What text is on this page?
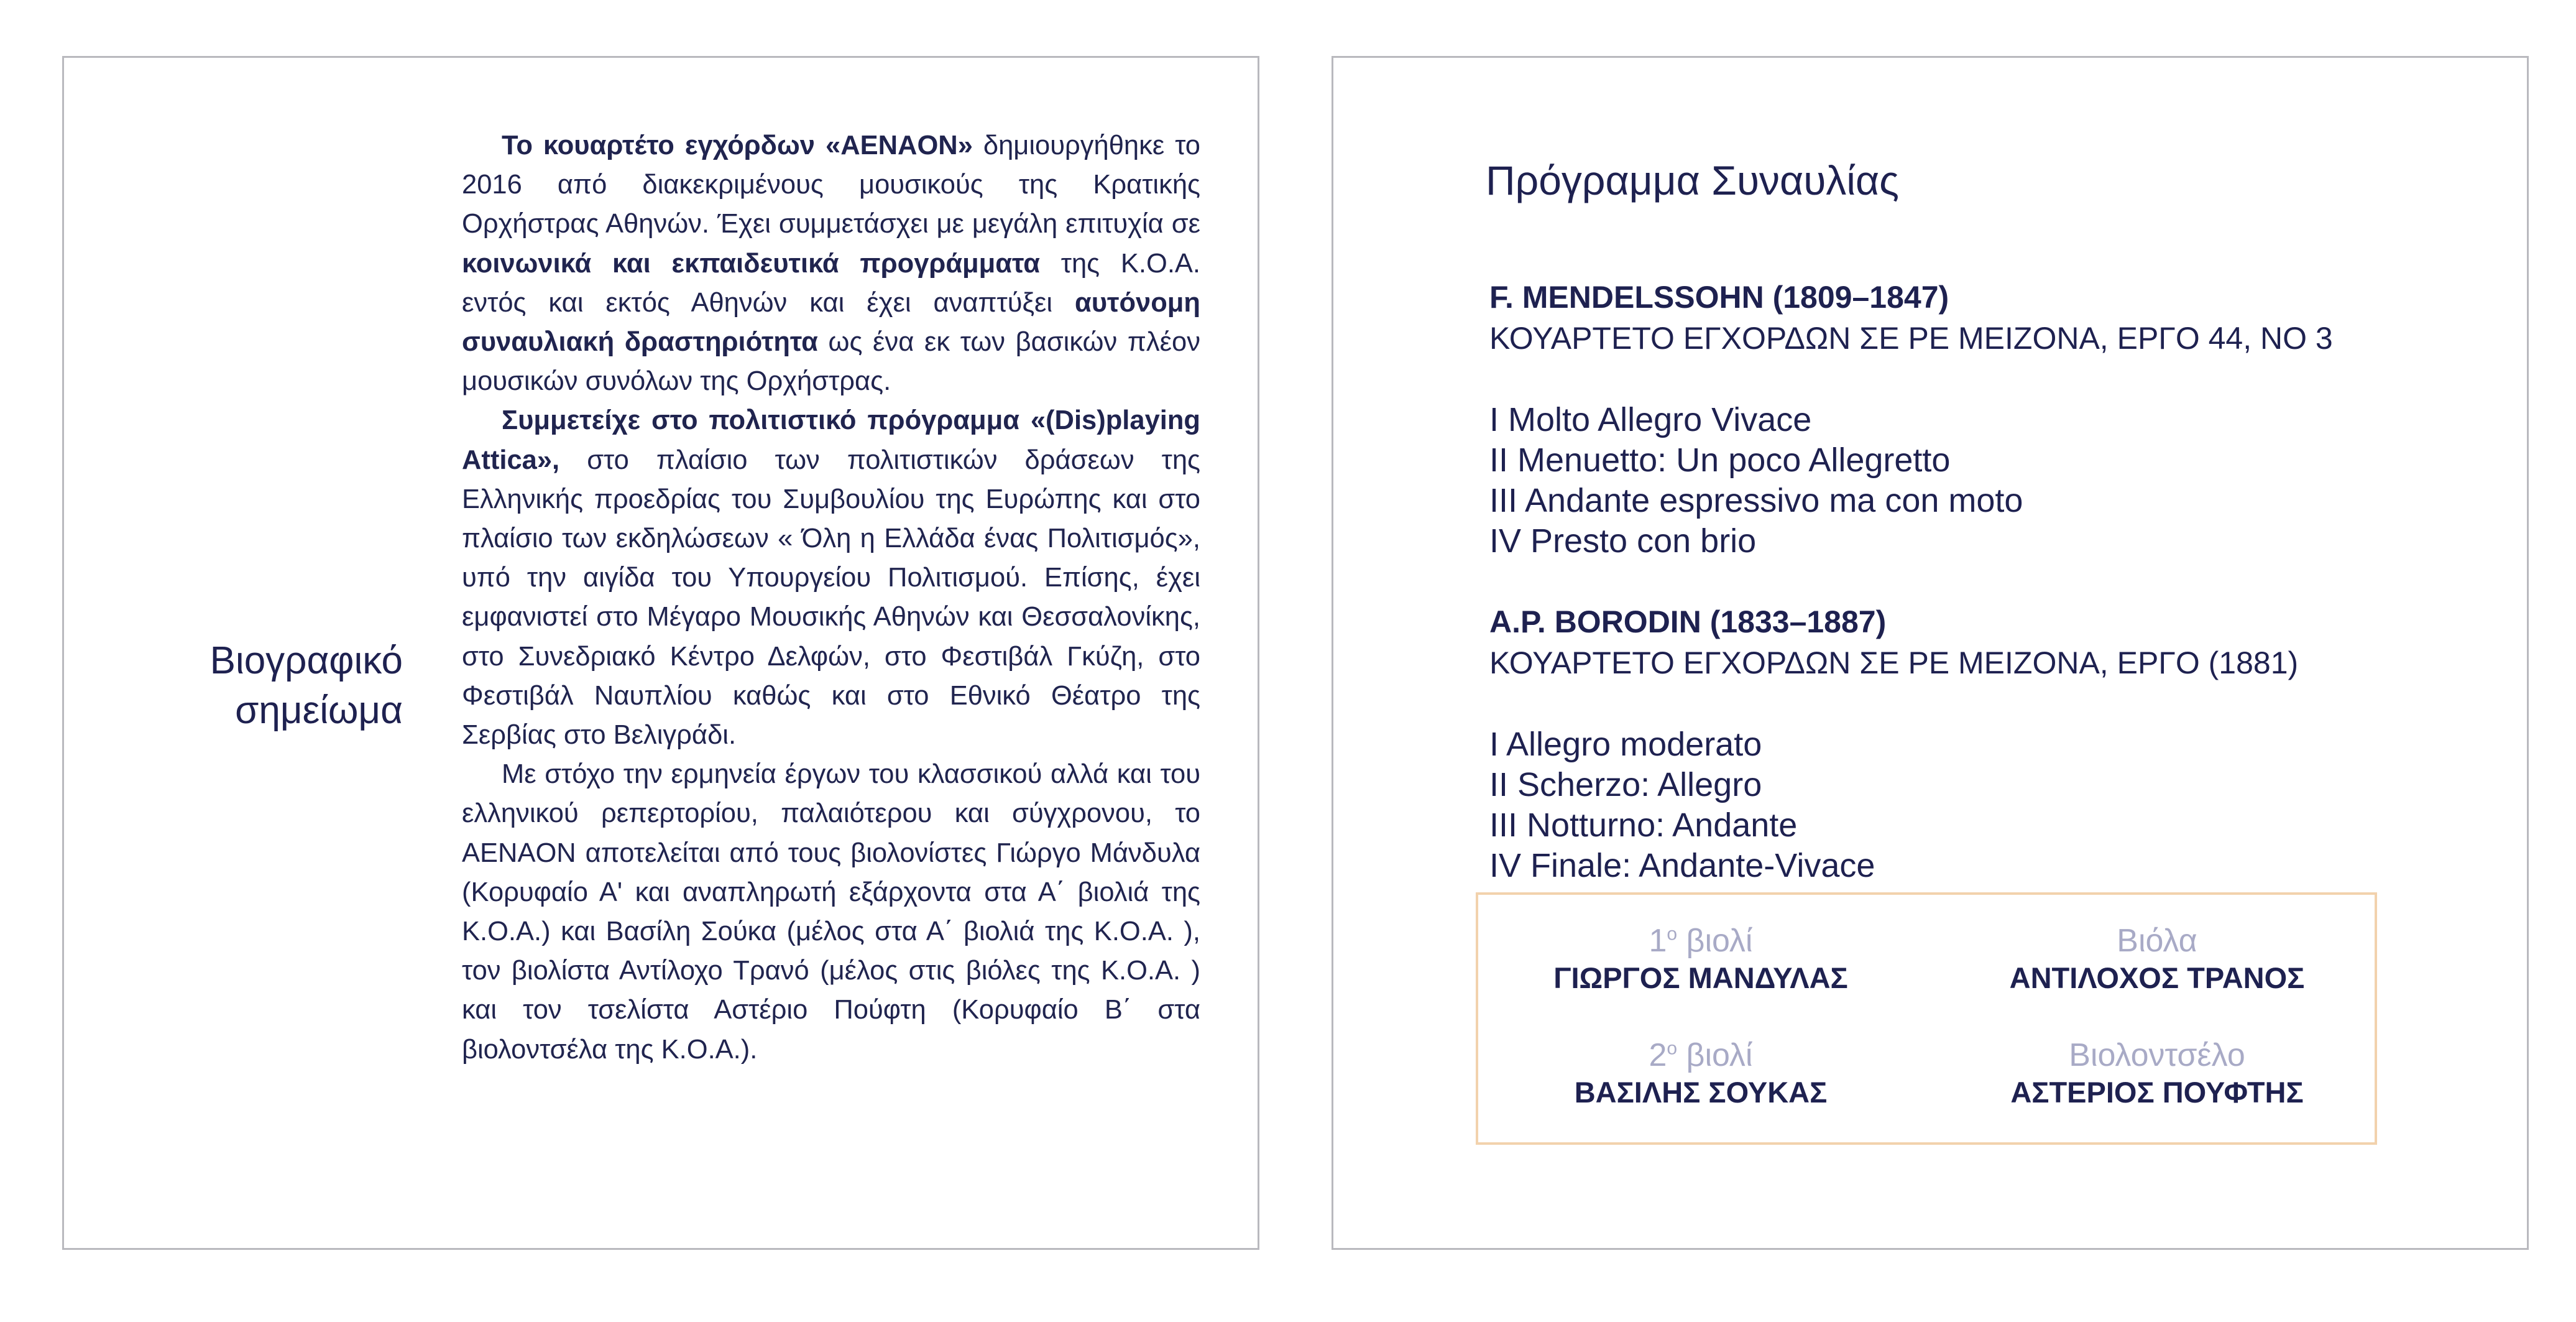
Βιογραφικό
σημείωμα

Το κουαρτέτο εγχόρδων «AENAON» δημιουργήθηκε το 2016 από διακεκριμένους μουσικούς της Κρατικής Ορχήστρας Αθηνών. Έχει συμμετάσχει με μεγάλη επιτυχία σε κοινωνικά και εκπαιδευτικά προγράμματα της Κ.Ο.Α. εντός και εκτός Αθηνών και έχει αναπτύξει αυτόνομη συναυλιακή δραστηριότητα ως ένα εκ των βασικών πλέον μουσικών συνόλων της Ορχήστρας.

Συμμετείχε στο πολιτιστικό πρόγραμμα «(Dis)playing Attica», στο πλαίσιο των πολιτιστικών δράσεων της Ελληνικής προεδρίας του Συμβουλίου της Ευρώπης και στο πλαίσιο των εκδηλώσεων « Όλη η Ελλάδα ένας Πολιτισμός», υπό την αιγίδα του Υπουργείου Πολιτισμού. Επίσης, έχει εμφανιστεί στο Μέγαρο Μουσικής Αθηνών και Θεσσαλονίκης, στο Συνεδριακό Κέντρο Δελφών, στο Φεστιβάλ Γκύζη, στο Φεστιβάλ Ναυπλίου καθώς και στο Εθνικό Θέατρο της Σερβίας στο Βελιγράδι.

Με στόχο την ερμηνεία έργων του κλασσικού αλλά και του ελληνικού ρεπερτορίου, παλαιότερου και σύγχρονου, το AENAON αποτελείται από τους βιολονίστες Γιώργο Μάνδυλα (Κορυφαίο Α' και αναπληρωτή εξάρχοντα στα Α΄ βιολιά της Κ.Ο.Α.) και Βασίλη Σούκα (μέλος στα Α΄ βιολιά της Κ.Ο.Α. ), τον βιολίστα Αντίλοχο Τρανό (μέλος στις βιόλες της Κ.Ο.Α. ) και τον τσελίστα Αστέριο Πούφτη (Κορυφαίο Β΄ στα βιολοντσέλα της Κ.Ο.Α.).

Πρόγραμμα Συναυλίας
F. MENDELSSOHN (1809–1847)
ΚΟΥΑΡΤΕΤΟ ΕΓΧΟΡΔΩΝ ΣΕ ΡΕ ΜΕΙΖΟΝΑ, ΕΡΓΟ 44, ΝΟ 3
I Molto Allegro Vivace
II Menuetto: Un poco Allegretto
III Andante espressivo ma con moto
IV Presto con brio
A.P. BORODIN (1833–1887)
ΚΟΥΑΡΤΕΤΟ ΕΓΧΟΡΔΩΝ ΣΕ ΡΕ ΜΕΙΖΟΝΑ, ΕΡΓΟ (1881)
I Allegro moderato
II Scherzo: Allegro
III Notturno: Andante
IV Finale: Andante-Vivace
$1^o$ βιολί
ΓΙΩΡΓΟΣ ΜΑΝΔΥΛΑΣ
Βιόλα
ΑΝΤΙΛΟΧΟΣ ΤΡΑΝΟΣ
$2^o$ βιολί
ΒΑΣΙΛΗΣ ΣΟΥΚΑΣ
Βιολοντσέλο
ΑΣΤΕΡΙΟΣ ΠΟΥΦΤΗΣ
